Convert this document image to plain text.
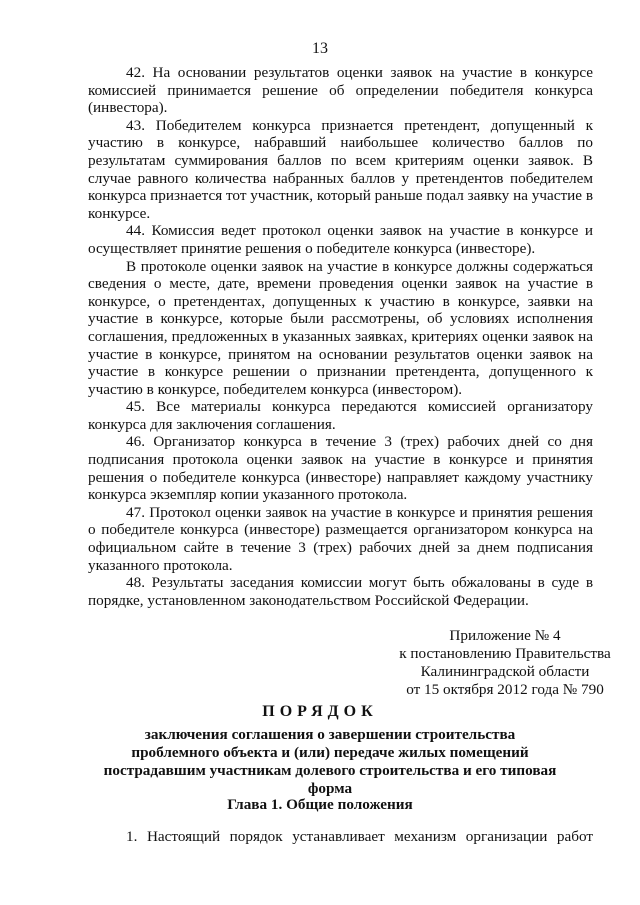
13

42. На основании результатов оценки заявок на участие в конкурсе комиссией принимается решение об определении победителя конкурса (инвестора).

43. Победителем конкурса признается претендент, допущенный к участию в конкурсе, набравший наибольшее количество баллов по результатам суммирования баллов по всем критериям оценки заявок. В случае равного количества набранных баллов у претендентов победителем конкурса признается тот участник, который раньше подал заявку на участие в конкурсе.

44. Комиссия ведет протокол оценки заявок на участие в конкурсе и осуществляет принятие решения о победителе конкурса (инвесторе).

В протоколе оценки заявок на участие в конкурсе должны содержаться сведения о месте, дате, времени проведения оценки заявок на участие в конкурсе, о претендентах, допущенных к участию в конкурсе, заявки на участие в конкурсе, которые были рассмотрены, об условиях исполнения соглашения, предложенных в указанных заявках, критериях оценки заявок на участие в конкурсе, принятом на основании результатов оценки заявок на участие в конкурсе решении о признании претендента, допущенного к участию в конкурсе, победителем конкурса (инвестором).

45. Все материалы конкурса передаются комиссией организатору конкурса для заключения соглашения.

46. Организатор конкурса в течение 3 (трех) рабочих дней со дня подписания протокола оценки заявок на участие в конкурсе и принятия решения о победителе конкурса (инвесторе) направляет каждому участнику конкурса экземпляр копии указанного протокола.

47. Протокол оценки заявок на участие в конкурсе и принятия решения о победителе конкурса (инвесторе) размещается организатором конкурса на официальном сайте в течение 3 (трех) рабочих дней за днем подписания указанного протокола.

48. Результаты заседания комиссии могут быть обжалованы в суде в порядке, установленном законодательством Российской Федерации.

Приложение № 4
к постановлению Правительства
Калининградской области
от 15 октября 2012 года № 790
ПОРЯДОК
заключения соглашения о завершении строительства проблемного объекта и (или) передаче жилых помещений пострадавшим участникам долевого строительства и его типовая форма
Глава 1. Общие положения

1. Настоящий порядок устанавливает механизм организации работ
